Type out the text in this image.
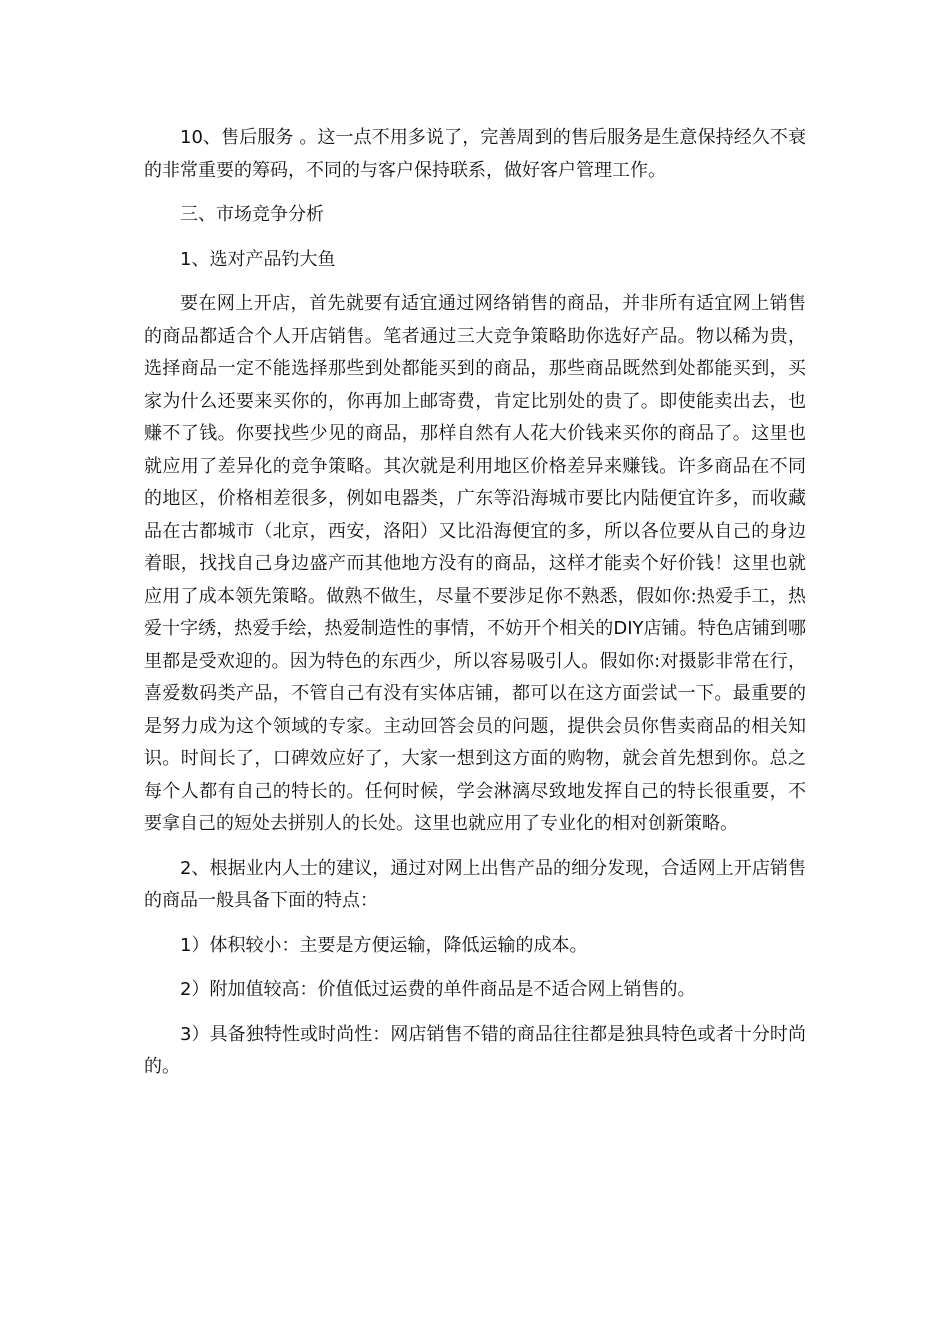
10、售后服务 。这一点不用多说了，完善周到的售后服务是生意保持经久不衰的非常重要的筹码，不同的与客户保持联系，做好客户管理工作。

三、市场竞争分析

1、选对产品钓大鱼

要在网上开店，首先就要有适宜通过网络销售的商品，并非所有适宜网上销售的商品都适合个人开店销售。笔者通过三大竞争策略助你选好产品。物以稀为贵，选择商品一定不能选择那些到处都能买到的商品，那些商品既然到处都能买到，买家为什么还要来买你的，你再加上邮寄费，肯定比别处的贵了。即使能卖出去，也赚不了钱。你要找些少见的商品，那样自然有人花大价钱来买你的商品了。这里也就应用了差异化的竞争策略。其次就是利用地区价格差异来赚钱。许多商品在不同的地区，价格相差很多，例如电器类，广东等沿海城市要比内陆便宜许多，而收藏品在古都城市（北京，西安，洛阳）又比沿海便宜的多，所以各位要从自己的身边着眼，找找自己身边盛产而其他地方没有的商品，这样才能卖个好价钱！这里也就应用了成本领先策略。做熟不做生，尽量不要涉足你不熟悉，假如你:热爱手工，热爱十字绣，热爱手绘，热爱制造性的事情，不妨开个相关的DIY店铺。特色店铺到哪里都是受欢迎的。因为特色的东西少，所以容易吸引人。假如你:对摄影非常在行，喜爱数码类产品，不管自己有没有实体店铺，都可以在这方面尝试一下。最重要的是努力成为这个领域的专家。主动回答会员的问题，提供会员你售卖商品的相关知识。时间长了，口碑效应好了，大家一想到这方面的购物，就会首先想到你。总之每个人都有自己的特长的。任何时候，学会淋漓尽致地发挥自己的特长很重要，不要拿自己的短处去拼别人的长处。这里也就应用了专业化的相对创新策略。

2、根据业内人士的建议，通过对网上出售产品的细分发现，合适网上开店销售的商品一般具备下面的特点：

1）体积较小：主要是方便运输，降低运输的成本。

2）附加值较高：价值低过运费的单件商品是不适合网上销售的。

3）具备独特性或时尚性：网店销售不错的商品往往都是独具特色或者十分时尚的。
